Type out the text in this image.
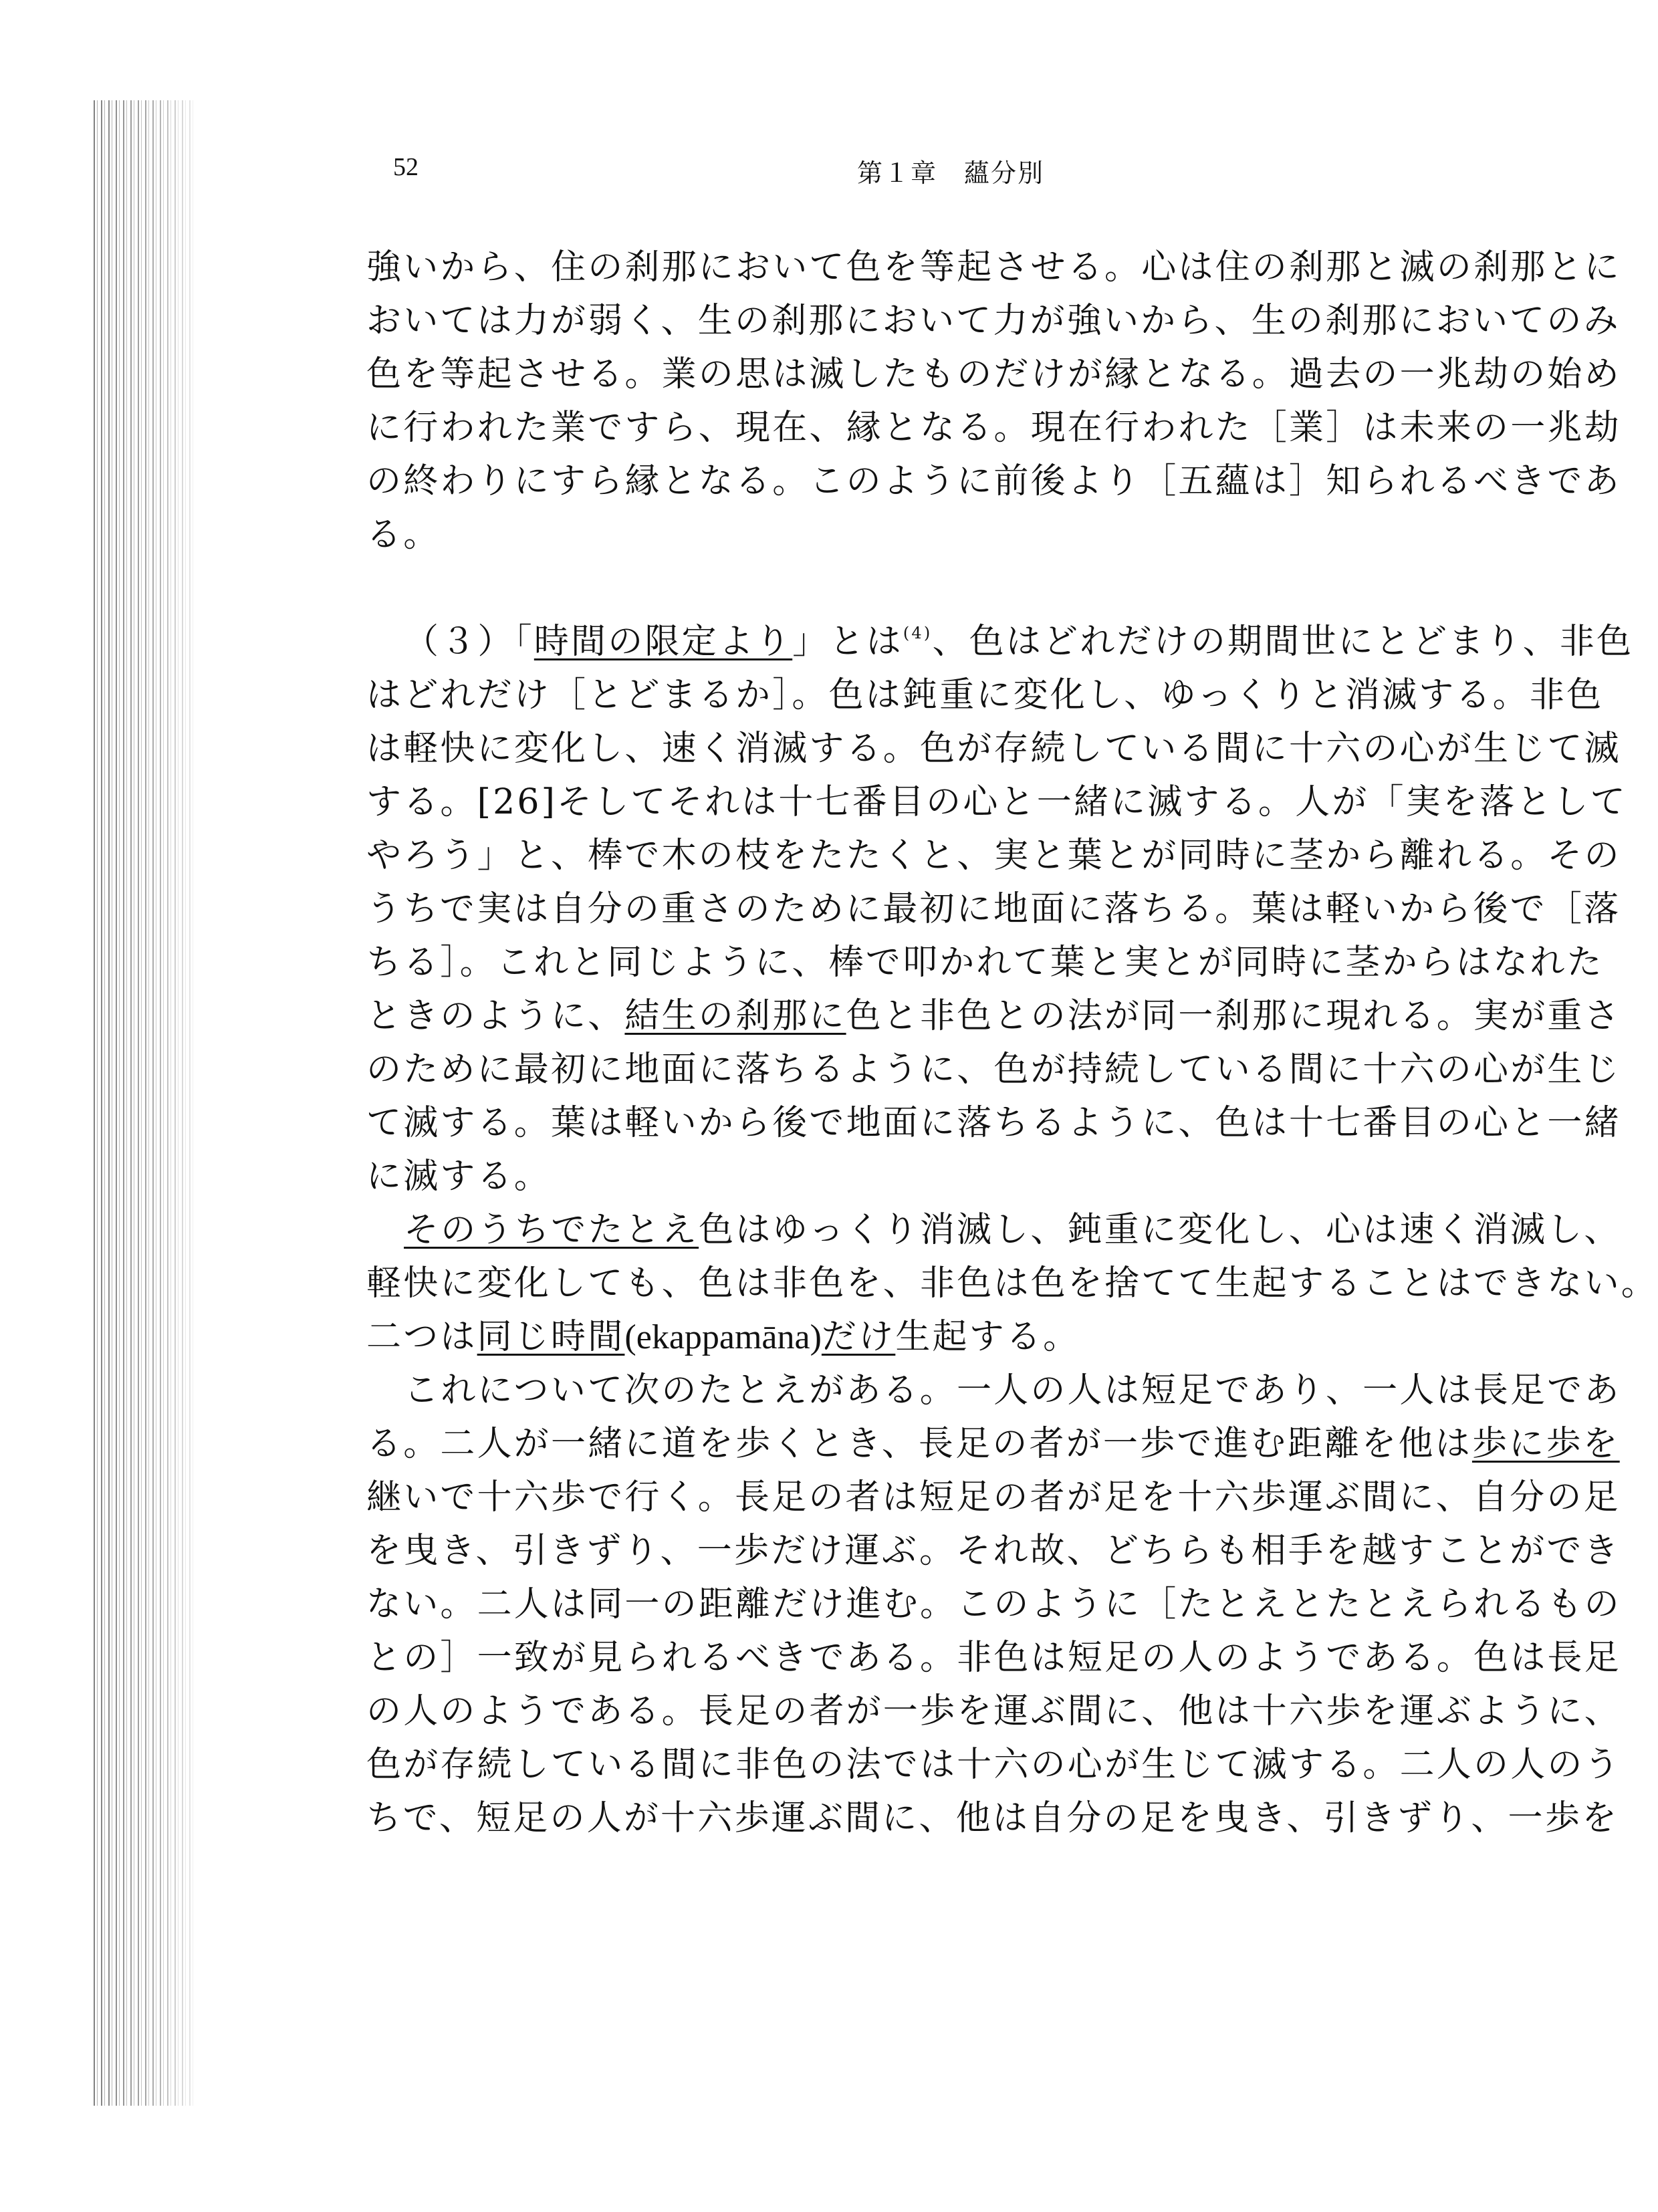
52	第１章　蘊分別
強いから、住の刹那において色を等起させる。心は住の刹那と滅の刹那とに
おいては力が弱く、生の刹那において力が強いから、生の刹那においてのみ
色を等起させる。業の思は滅したものだけが縁となる。過去の一兆劫の始め
に行われた業ですら、現在、縁となる。現在行われた［業］は未来の一兆劫
の終わりにすら縁となる。このように前後より［五蘊は］知られるべきであ
る。
（３）「時間の限定より」とは$^{(4)}$、色はどれだけの期間世にとどまり、非色
はどれだけ［とどまるか］。色は鈍重に変化し、ゆっくりと消滅する。非色
は軽快に変化し、速く消滅する。色が存続している間に十六の心が生じて滅
する。[26]そしてそれは十七番目の心と一緒に滅する。人が「実を落として
やろう」と、棒で木の枝をたたくと、実と葉とが同時に茎から離れる。その
うちで実は自分の重さのために最初に地面に落ちる。葉は軽いから後で［落
ちる］。これと同じように、棒で叩かれて葉と実とが同時に茎からはなれた
ときのように、結生の刹那に色と非色との法が同一刹那に現れる。実が重さ
のために最初に地面に落ちるように、色が持続している間に十六の心が生じ
て滅する。葉は軽いから後で地面に落ちるように、色は十七番目の心と一緒
に滅する。
そのうちでたとえ色はゆっくり消滅し、鈍重に変化し、心は速く消滅し、
軽快に変化しても、色は非色を、非色は色を捨てて生起することはできない。
二つは同じ時間(ekappamāna)だけ生起する。
これについて次のたとえがある。一人の人は短足であり、一人は長足であ
る。二人が一緒に道を歩くとき、長足の者が一歩で進む距離を他は歩に歩を
継いで十六歩で行く。長足の者は短足の者が足を十六歩運ぶ間に、自分の足
を曳き、引きずり、一歩だけ運ぶ。それ故、どちらも相手を越すことができ
ない。二人は同一の距離だけ進む。このように［たとえとたとえられるもの
との］一致が見られるべきである。非色は短足の人のようである。色は長足
の人のようである。長足の者が一歩を運ぶ間に、他は十六歩を運ぶように、
色が存続している間に非色の法では十六の心が生じて滅する。二人の人のう
ちで、短足の人が十六歩運ぶ間に、他は自分の足を曳き、引きずり、一歩を
